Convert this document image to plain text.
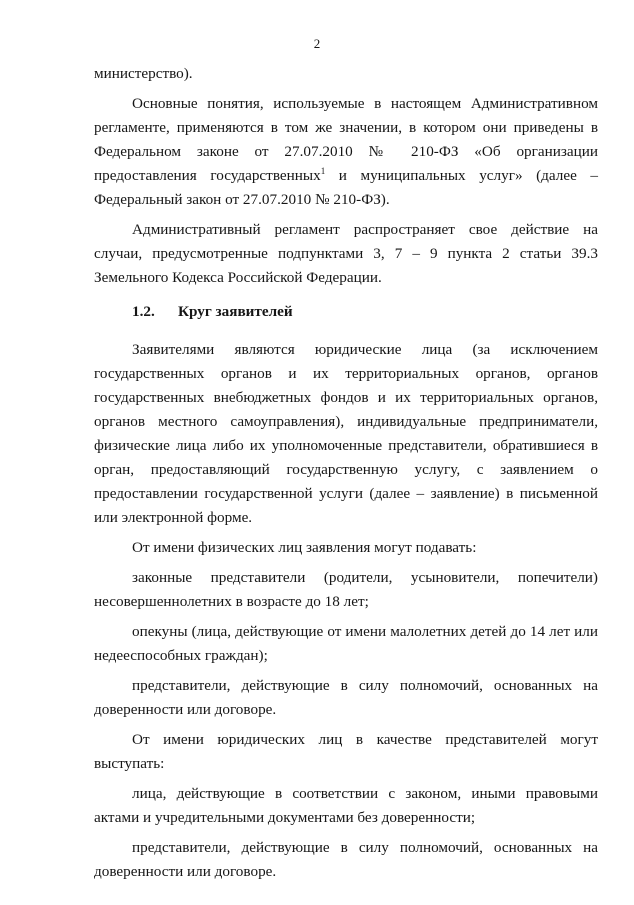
2

министерство).

Основные понятия, используемые в настоящем Административном регламенте, применяются в том же значении, в котором они приведены в Федеральном законе от 27.07.2010 № 210-ФЗ «Об организации предоставления государственных$^1$ и муниципальных услуг» (далее – Федеральный закон от 27.07.2010 № 210-ФЗ).

Административный регламент распространяет свое действие на случаи, предусмотренные подпунктами 3, 7 – 9 пункта 2 статьи 39.3 Земельного Кодекса Российской Федерации.

1.2. Круг заявителей

Заявителями являются юридические лица (за исключением государственных органов и их территориальных органов, органов государственных внебюджетных фондов и их территориальных органов, органов местного самоуправления), индивидуальные предприниматели, физические лица либо их уполномоченные представители, обратившиеся в орган, предоставляющий государственную услугу, с заявлением о предоставлении государственной услуги (далее – заявление) в письменной или электронной форме.

От имени физических лиц заявления могут подавать:

законные представители (родители, усыновители, попечители) несовершеннолетних в возрасте до 18 лет;

опекуны (лица, действующие от имени малолетних детей до 14 лет или недееспособных граждан);

представители, действующие в силу полномочий, основанных на доверенности или договоре.

От имени юридических лиц в качестве представителей могут выступать:

лица, действующие в соответствии с законом, иными правовыми актами и учредительными документами без доверенности;

представители, действующие в силу полномочий, основанных на доверенности или договоре.
